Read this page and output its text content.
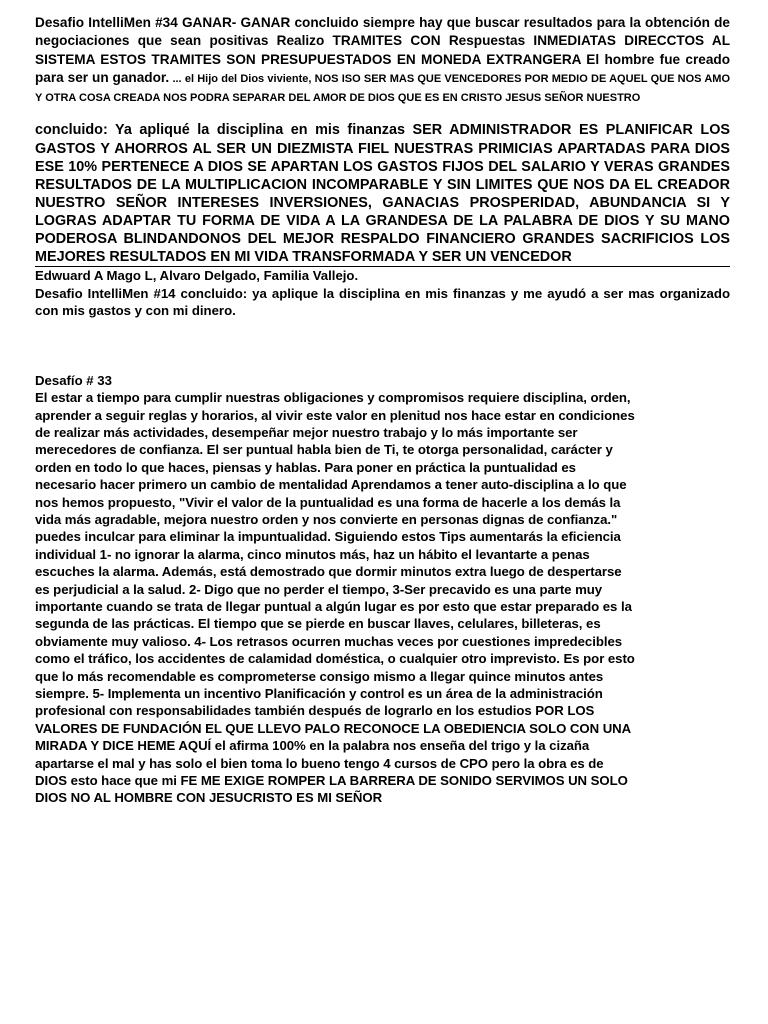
Desafio IntelliMen #34 GANAR- GANAR concluido siempre hay que buscar resultados para la obtención de negociaciones que sean positivas Realizo TRAMITES CON Respuestas INMEDIATAS DIRECCTOS AL SISTEMA ESTOS TRAMITES SON PRESUPUESTADOS EN MONEDA EXTRANGERA El hombre fue creado para ser un ganador. ... el Hijo del Dios viviente, NOS ISO SER MAS QUE VENCEDORES POR MEDIO DE AQUEL QUE NOS AMO Y OTRA COSA CREADA NOS PODRA SEPARAR DEL AMOR DE DIOS QUE ES EN CRISTO JESUS SEÑOR NUESTRO

concluido: Ya apliqué la disciplina en mis finanzas SER ADMINISTRADOR ES PLANIFICAR LOS GASTOS Y AHORROS AL SER UN DIEZMISTA FIEL NUESTRAS PRIMICIAS APARTADAS PARA DIOS ESE 10% PERTENECE A DIOS SE APARTAN LOS GASTOS FIJOS DEL SALARIO Y VERAS GRANDES RESULTADOS DE LA MULTIPLICACION INCOMPARABLE Y SIN LIMITES QUE NOS DA EL CREADOR NUESTRO SEÑOR INTERESES INVERSIONES, GANACIAS PROSPERIDAD, ABUNDANCIA SI Y LOGRAS ADAPTAR TU FORMA DE VIDA A LA GRANDESA DE LA PALABRA DE DIOS Y SU MANO PODEROSA BLINDANDONOS DEL MEJOR RESPALDO FINANCIERO GRANDES SACRIFICIOS LOS MEJORES RESULTADOS EN MI VIDA TRANSFORMADA Y SER UN VENCEDOR

Edwuard A Mago L, Alvaro Delgado, Familia Vallejo.

Desafio IntelliMen #14 concluido: ya aplique la disciplina en mis finanzas y me ayudó a ser mas organizado con mis gastos y con mi dinero.

Desafío # 33

El estar a tiempo para cumplir nuestras obligaciones y compromisos requiere disciplina, orden,
aprender a seguir reglas y horarios, al vivir este valor en plenitud nos hace estar en condiciones
de realizar más actividades, desempeñar mejor nuestro trabajo y lo más importante ser
merecedores de confianza. El ser puntual habla bien de Ti, te otorga personalidad, carácter y
orden en todo lo que haces, piensas y hablas. Para poner en práctica la puntualidad es
necesario hacer primero un cambio de mentalidad Aprendamos a tener auto-disciplina a lo que
nos hemos propuesto, "Vivir el valor de la puntualidad es una forma de hacerle a los demás la
vida más agradable, mejora nuestro orden y nos convierte en personas dignas de confianza."
puedes inculcar para eliminar la impuntualidad. Siguiendo estos Tips aumentarás la eficiencia
individual 1- no ignorar la alarma, cinco minutos más, haz un hábito el levantarte a penas
escuches la alarma. Además, está demostrado que dormir minutos extra luego de despertarse
es perjudicial a la salud. 2- Digo que no perder el tiempo, 3-Ser precavido es una parte muy
importante cuando se trata de llegar puntual a algún lugar es por esto que estar preparado es la
segunda de las prácticas. El tiempo que se pierde en buscar llaves, celulares, billeteras, es
obviamente muy valioso. 4- Los retrasos ocurren muchas veces por cuestiones impredecibles
como el tráfico, los accidentes de calamidad doméstica, o cualquier otro imprevisto. Es por esto
que lo más recomendable es comprometerse consigo mismo a llegar quince minutos antes
siempre. 5- Implementa un incentivo Planificación y control es un área de la administración
profesional con responsabilidades también después de lograrlo en los estudios POR LOS
VALORES DE FUNDACIÓN EL QUE LLEVO PALO RECONOCE LA OBEDIENCIA SOLO CON UNA
MIRADA Y DICE HEME AQUÍ el afirma 100% en la palabra nos enseña del trigo y la cizaña
apartarse el mal y has solo el bien toma lo bueno tengo 4 cursos de CPO pero la obra es de
DIOS esto hace que mi FE ME EXIGE ROMPER LA BARRERA DE SONIDO SERVIMOS UN SOLO
DIOS NO AL HOMBRE CON JESUCRISTO ES MI SEÑOR
